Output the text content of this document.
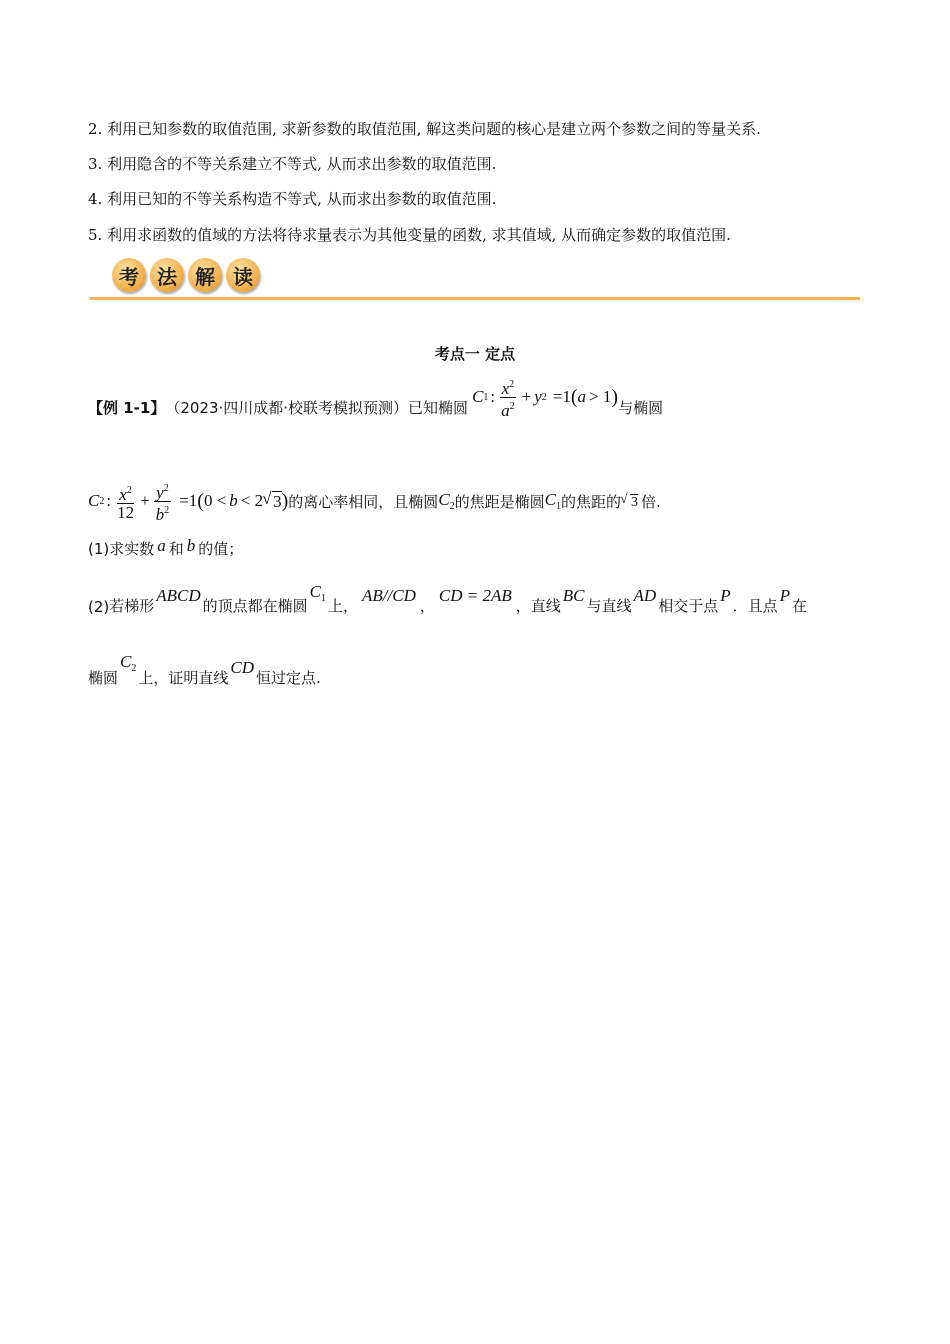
2. 利用已知参数的取值范围, 求新参数的取值范围, 解这类问题的核心是建立两个参数之间的等量关系.
3. 利用隐含的不等关系建立不等式, 从而求出参数的取值范围.
4. 利用已知的不等关系构造不等式, 从而求出参数的取值范围.
5. 利用求函数的值域的方法将待求量表示为其他变量的函数, 求其值域, 从而确定参数的取值范围.
考 法 解 读
考点一 定点
【例 1-1】 （2023·四川成都·校联考模拟预测） 已知椭圆
C 1 : $\frac{x^2}{a^2} + y$ 2 =1 ( a > 1 ) 与椭圆
C 2 : $\frac{x^2}{12} + \frac{y^2}{b^2} =1$ ( 0 < b < 2 √ 3 ) 的离心率相同，且椭圆 $C_2$ 的焦距是椭圆 $C_1$ 的焦距的 √ 3 倍.
(1) 求实数 a 和 b 的值；
(2) 若梯形
ABCD
的顶点都在椭圆
$C_1$ 上，
AB//CD
，
CD = 2AB
，直线
BC
与直线
AD
相交于点
P
．且点
P
在
椭圆
$C_2$
上，证明直线
CD
恒过定点.
